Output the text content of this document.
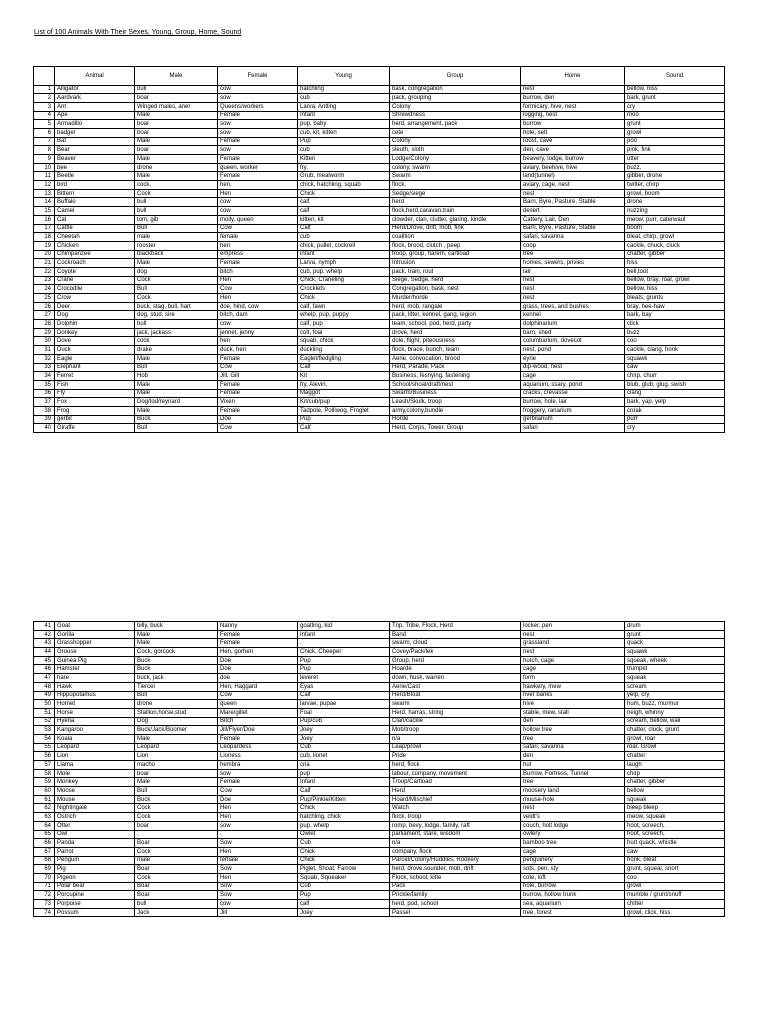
List of 100 Animals With Their Sexes, Young, Group, Home, Sound
	Animal	Male	Female	Young	Group	Home	Sound
1	Alligator	bull	cow	hatchling	bask, congregation	nest	bellow, hiss
2	Aardvark	boar	sow	cub	pack, grouping	burrow, den	bark, grunt
3	Ant	Winged males, aner	Queens/workers	Larva, Antling	Colony	formicary, hive, nest	cry
4	Ape	Male	Female	Infant	Shrewdness	logging, nest	moo
5	Armadillo	boar	sow	pup, baby	herd, arrangement, pack	burrow	grunt
6	badger	boar	sow	cub, kit, kitten	cete	hole, sett	growl
7	Bat	Male	Female	Pup	Colony	roost, cave	poo
8	Bear	boar	sow	cub	sleuth, sloth	den, cave	pink, fink
9	Beaver	Male	Female	Kitten	Lodge/Colony	beavery, lodge, burrow	utter
10	bee	drone	queen, worker	fry,	colony, swarm	aviary, beehive, hive	buzz,
11	Beetle	Male	Female	Grub, mealworm	Swarm	land(tunnel)	gibber, drone
12	bird	cock,	hen,	chick, hatchling, squab	flock,	aviary, cage, nest	twitter, chirp
13	Bittern	Cock	Hen	Chick	Sedge/siege	nest	growl, boom
14	Buffalo	bull	cow	calf	herd	Barn, Byre, Pasture, Stable	drone
15	Camel	bull	cow	calf	flock,herd,caravan,train	desert	nuzzing
16	Cat	tom, gib	molly, queen	kitten, kit	clowder, clan, clutter, glaring, kindle	Cattery, Lair, Den	meow, purr, caterwaul
17	Cattle	Bull	Cow	Calf	Herd/Drove, drift, mob, fink	Barn, Byre, Pasture, Stable	boom
18	Cheetah	male	female	cub	coalition	safari, savanna	bleat, chirp, growl
19	Chicken	rooster	hen	chick, pullet, cockrell	flock, brood, clutch , peep	coop	cackle, chuck, cluck
20	Chimpanzee	blackback	empress	infant	troop, group, harem, cartload	tree	chatter, gibber
21	Cockroach	Male	Female	Larva, nymph	Intrusion	homes, sewers, privies	hiss
22	Coyote	dog	bitch	cub, pup, whelp	pack, train, rout	lair	bell,toot
23	Crane	Cock	Hen	Chick, Craneling	Siege, Sedge, herd	nest	bellow, bray, roar, growl
24	Crocodile	Bull	Cow	Crocklets	Congregation, bask, nest	nest	bellow, hiss
25	Crow	Cock	Hen	Chick	Murder/horde	nest	bleats, grunts
26	Deer	buck, stag, bull, hart	doe, hind, cow	calf, fawn	herd, mob, rangale	grass, trees, and bushes	bray, hee-haw
27	Dog	dog, stud, sire	bitch, dam	whelp, pup, puppy	pack, litter, kennel, gang, legion	kennel	bark, bay
28	Dolphin	bull	cow	calf, pup	team, school, pod, herd, party	dolphinarium	click
29	Donkey	jack, jackass	jennet, jenny	colt, foal	drove, herd	barn, shed	buzz
30	Dove	cock	hen	squab, chick	dole, flight, piteousness	columbarium, dovecot	coo
31	Duck	drake	duck, hen	duckling	flock, brace, bunch, team	nest, pond	cackle, clang, honk
32	Eagle	Male	Female	Eaglet/fledgling	Aerie, convocation, brood	eyrie	squawk
33	Elephant	Bull	Cow	Calf	Herd, Parade, Pack	dip-wood, nest	caw
34	Ferret	Hob	Jill, Gill	Kit	Business, fesnying, fastening	cage	chirp, churr
35	Fish	Male	Female	fry, Alevin,	School/shoal/draft/nest	aquarium, ssary, pond	blub, glub, glug, swish
36	Fly	Male	Female	Maggot	Swarm/Business	cracks, crevasse	clang
37	Fox	Dog/tod/reynard	Vixen	Kit/cub/pup	Leash/Skulk, troop	burrow, hole, lair	bark, yap, yelp
38	Frog	Male	Female	Tadpole, Polliwog, Froglet	army,colony,bundle	froggery, ranarium	croak
39	gerbil	Buck	Doe	Pup	Horde	gerbilarium	purr
40	Giraffe	Bull	Cow	Calf	Herd, Corps, Tower, Group	safari	cry
41	Goat	billy, buck	Nanny	goatling, kid	Trip, Tribe, Flock, Herd	locker, pen	drum
42	Gorilla	Male	Female	Infant	Band	nest	grunt
43	Grasshopper	Male	Female	.	swarm, cloud	grassland	quack
44	Grouse	Cock, gorcock	Hen, gorhen	Chick, Cheeper	Covey/Pack/lek	nest	squawk
45	Guinea Pig	Buck	Doe	Pup	Group, herd	hutch, cage	squeak, wheek
46	Hamster	Buck	Doe	Pup	Hoarde	cage	trumpet
47	hare	buck, jack	doe	leveret	down, husk, warren	form	squeak
48	Hawk	Tiercel	Hen, Haggard	Eyas	Aerie/Cast	hawkery, mew	scream
49	Hippopotamus	Bull	Cow	Calf	Herd/Bloat	river banks	yelp, cry
50	Hornet	drone	queen	larvae, pupae	swarm	hive	hum, buzz, murmur
51	Horse	Stallion,horse,stud	Mare/gillet	Foal	Herd, harras, string	stable, mew, stall	neigh, whinny
52	Hyena	Dog	Bitch	Pup/cub	Clan/cackle	den	scream, bellow, wail
53	Kangaroo	Buck/Jack/Boomer	Jill/Flyer/Doe	Joey	Mob/troop	hollow tree	chatter, cluck, grunt
54	Koala	Male	Female	Joey	n/a	tree	growl, roar
55	Leopard	Leopard	Leopardess	Cub	Leap/prowl	safari, savanna	roar. Growl
56	Lion	Lion	Lioness	cub, lionet	Pride	den	chatter
57	Llama	macho	hembra	cria	herd, flock	hut	laugh
58	Mole	boar	sow	pup	labour, company, movement	Burrow, Fortress, Tunnel	chirp
59	Monkey	Male	Female	Infant	Troop/Cartload	tree	chatter, gibber
60	Moose	Bull	Cow	Calf	Herd	moosery land	bellow
61	Mouse	Buck	Doe	Pup/Pinkie/Kitten	Hoard/Mischief	mouse-hole	squeak
62	Nightingale	Cock	Hen	Chick	Watch	nest	bleep bleep
63	Ostrich	Cock	Hen	hatchling, chick	flock, troop	veldt's	meow, squeak
64	Otter	boar	sow	pup, whelp	romp, bevy, lodge, family, raft	couch, holt lodge	hoot, screech,
65	Owl	.	.	Owlet	parliament, stare, wisdom	owlery	hoot, screech,
66	Panda	Boar	Sow	Cub	n/a	bamboo tree	hurt quack, whistle
67	Parrot	Cock	Hen	Chick	company, flock	cage	caw
68	Penguin	male	female	Chick	Parcel/Colony/Huddles, Rookery	penguinery	honk, bleat
69	Pig	Boar	Sow	Piglet, Shoat, Farrow	herd, drove,sounder, mob, drift	sots, pen, sty	grunt, squeal, snort
70	Pigeon	Cock	Hen	Squab, Squeaker	Flock, school, kitte	cote, loft	coo
71	Polar bear	Boar	Sow	Cub	Pack	hole, burrow	growl
72	Porcupine	Boar	Sow	Pup	Prickle/family	burrow, hollow trunk	mumble / grunt/snuff
73	Porpoise	bull	cow	calf	herd, pod, school	sea, aquarium	chitter
74	Possum	Jack	Jill	Joey	Passel	tree, forest	growl, click, hiss
